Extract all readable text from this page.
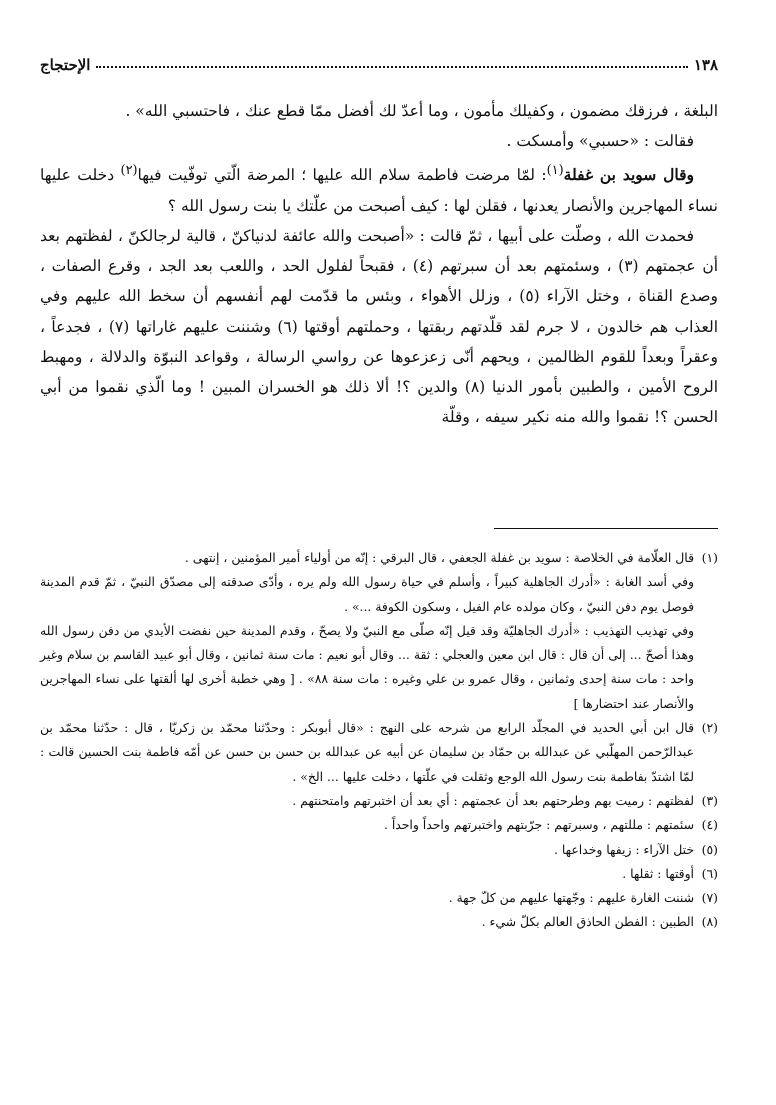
١٣٨
الإحتجاج

البلغة ، فرزقك مضمون ، وكفيلك مأمون ، وما أعدّ لك أفضل ممّا قطع عنك ، فاحتسبي الله» .

فقالت : «حسبي» وأمسكت .

وقال سويد بن غفلة$^{(١)}$: لمّا مرضت فاطمة سلام الله عليها ؛ المرضة الّتي توفّيت فيها$^{(٢)}$ دخلت عليها نساء المهاجرين والأنصار يعدنها ، فقلن لها : كيف أصبحت من علّتك يا بنت رسول الله ؟

فحمدت الله ، وصلّت على أبيها ، ثمّ قالت : «أصبحت والله عائفة لدنياكنّ ، قالية لرجالكنّ ، لفظتهم بعد أن عجمتهم (٣) ، وسئمتهم بعد أن سبرتهم (٤) ، فقبحاً لفلول الحد ، واللعب بعد الجد ، وقرع الصفات ، وصدع القناة ، وختل الآراء (٥) ، وزلل الأهواء ، وبئس ما قدّمت لهم أنفسهم أن سخط الله عليهم وفي العذاب هم خالدون ، لا جرم لقد قلّدتهم ربقتها ، وحملتهم أوقتها (٦) وشننت عليهم غاراتها (٧) ، فجدعاً ، وعقراً وبعداً للقوم الظالمين ، ويحهم أنّى زعزعوها عن رواسي الرسالة ، وقواعد النبوّة والدلالة ، ومهبط الروح الأمين ، والطبين بأمور الدنيا (٨) والدين ؟! ألا ذلك هو الخسران المبين ! وما الّذي نقموا من أبي الحسن ؟! نقموا والله منه نكير سيفه ، وقلّة

(١)
قال العلّامة في الخلاصة : سويد بن غفلة الجعفي ، قال البرقي : إنّه من أولياء أمير المؤمنين ، إنتهى .

وفي أسد الغابة : «أدرك الجاهلية كبيراً ، وأسلم في حياة رسول الله ولم يره ، وأدّى صدقته إلى مصدّق النبيّ ، ثمّ قدم المدينة فوصل يوم دفن النبيّ ، وكان مولده عام الفيل ، وسكون الكوفة ...» .

وفي تهذيب التهذيب : «أدرك الجاهليّة وقد قيل إنّه صلّى مع النبيّ ولا يصحّ ، وقدم المدينة حين نفضت الأيدي من دفن رسول الله وهذا أصحّ ... إلى أن قال : قال ابن معين والعجلي : ثقة ... وقال أبو نعيم : مات سنة ثمانين ، وقال أبو عبيد القاسم بن سلام وغير واحد : مات سنة إحدى وثمانين ، وقال عمرو بن علي وغيره : مات سنة ٨٨» . [ وهي خطبة أخرى لها ألقتها على نساء المهاجرين والأنصار عند احتضارها ]

(٢)
قال ابن أبي الحديد في المجلّد الرابع من شرحه على النهج : «قال أبوبكر : وحدّثنا محمّد بن زكريّا ، قال : حدّثنا محمّد بن عبدالرّحمن المهلّبي عن عبدالله بن حمّاد بن سليمان عن أبيه عن عبدالله بن حسن بن حسن عن أمّه فاطمة بنت الحسين قالت : لمّا اشتدّ بفاطمة بنت رسول الله الوجع وثقلت في علّتها ، دخلت عليها ... الخ» .

(٣)
لفظتهم : رميت بهم وطرحتهم بعد أن عجمتهم : أي بعد أن اختبرتهم وامتحنتهم .

(٤)
سئمتهم : مللتهم ، وسبرتهم : جرّبتهم واختبرتهم واحداً واحداً .

(٥)
ختل الآراء : زيفها وخداعها .

(٦)
أوقتها : ثقلها .

(٧)
شننت الغارة عليهم : وجّهتها عليهم من كلّ جهة .

(٨)
الطبين : الفطن الحاذق العالم بكلّ شيء .
